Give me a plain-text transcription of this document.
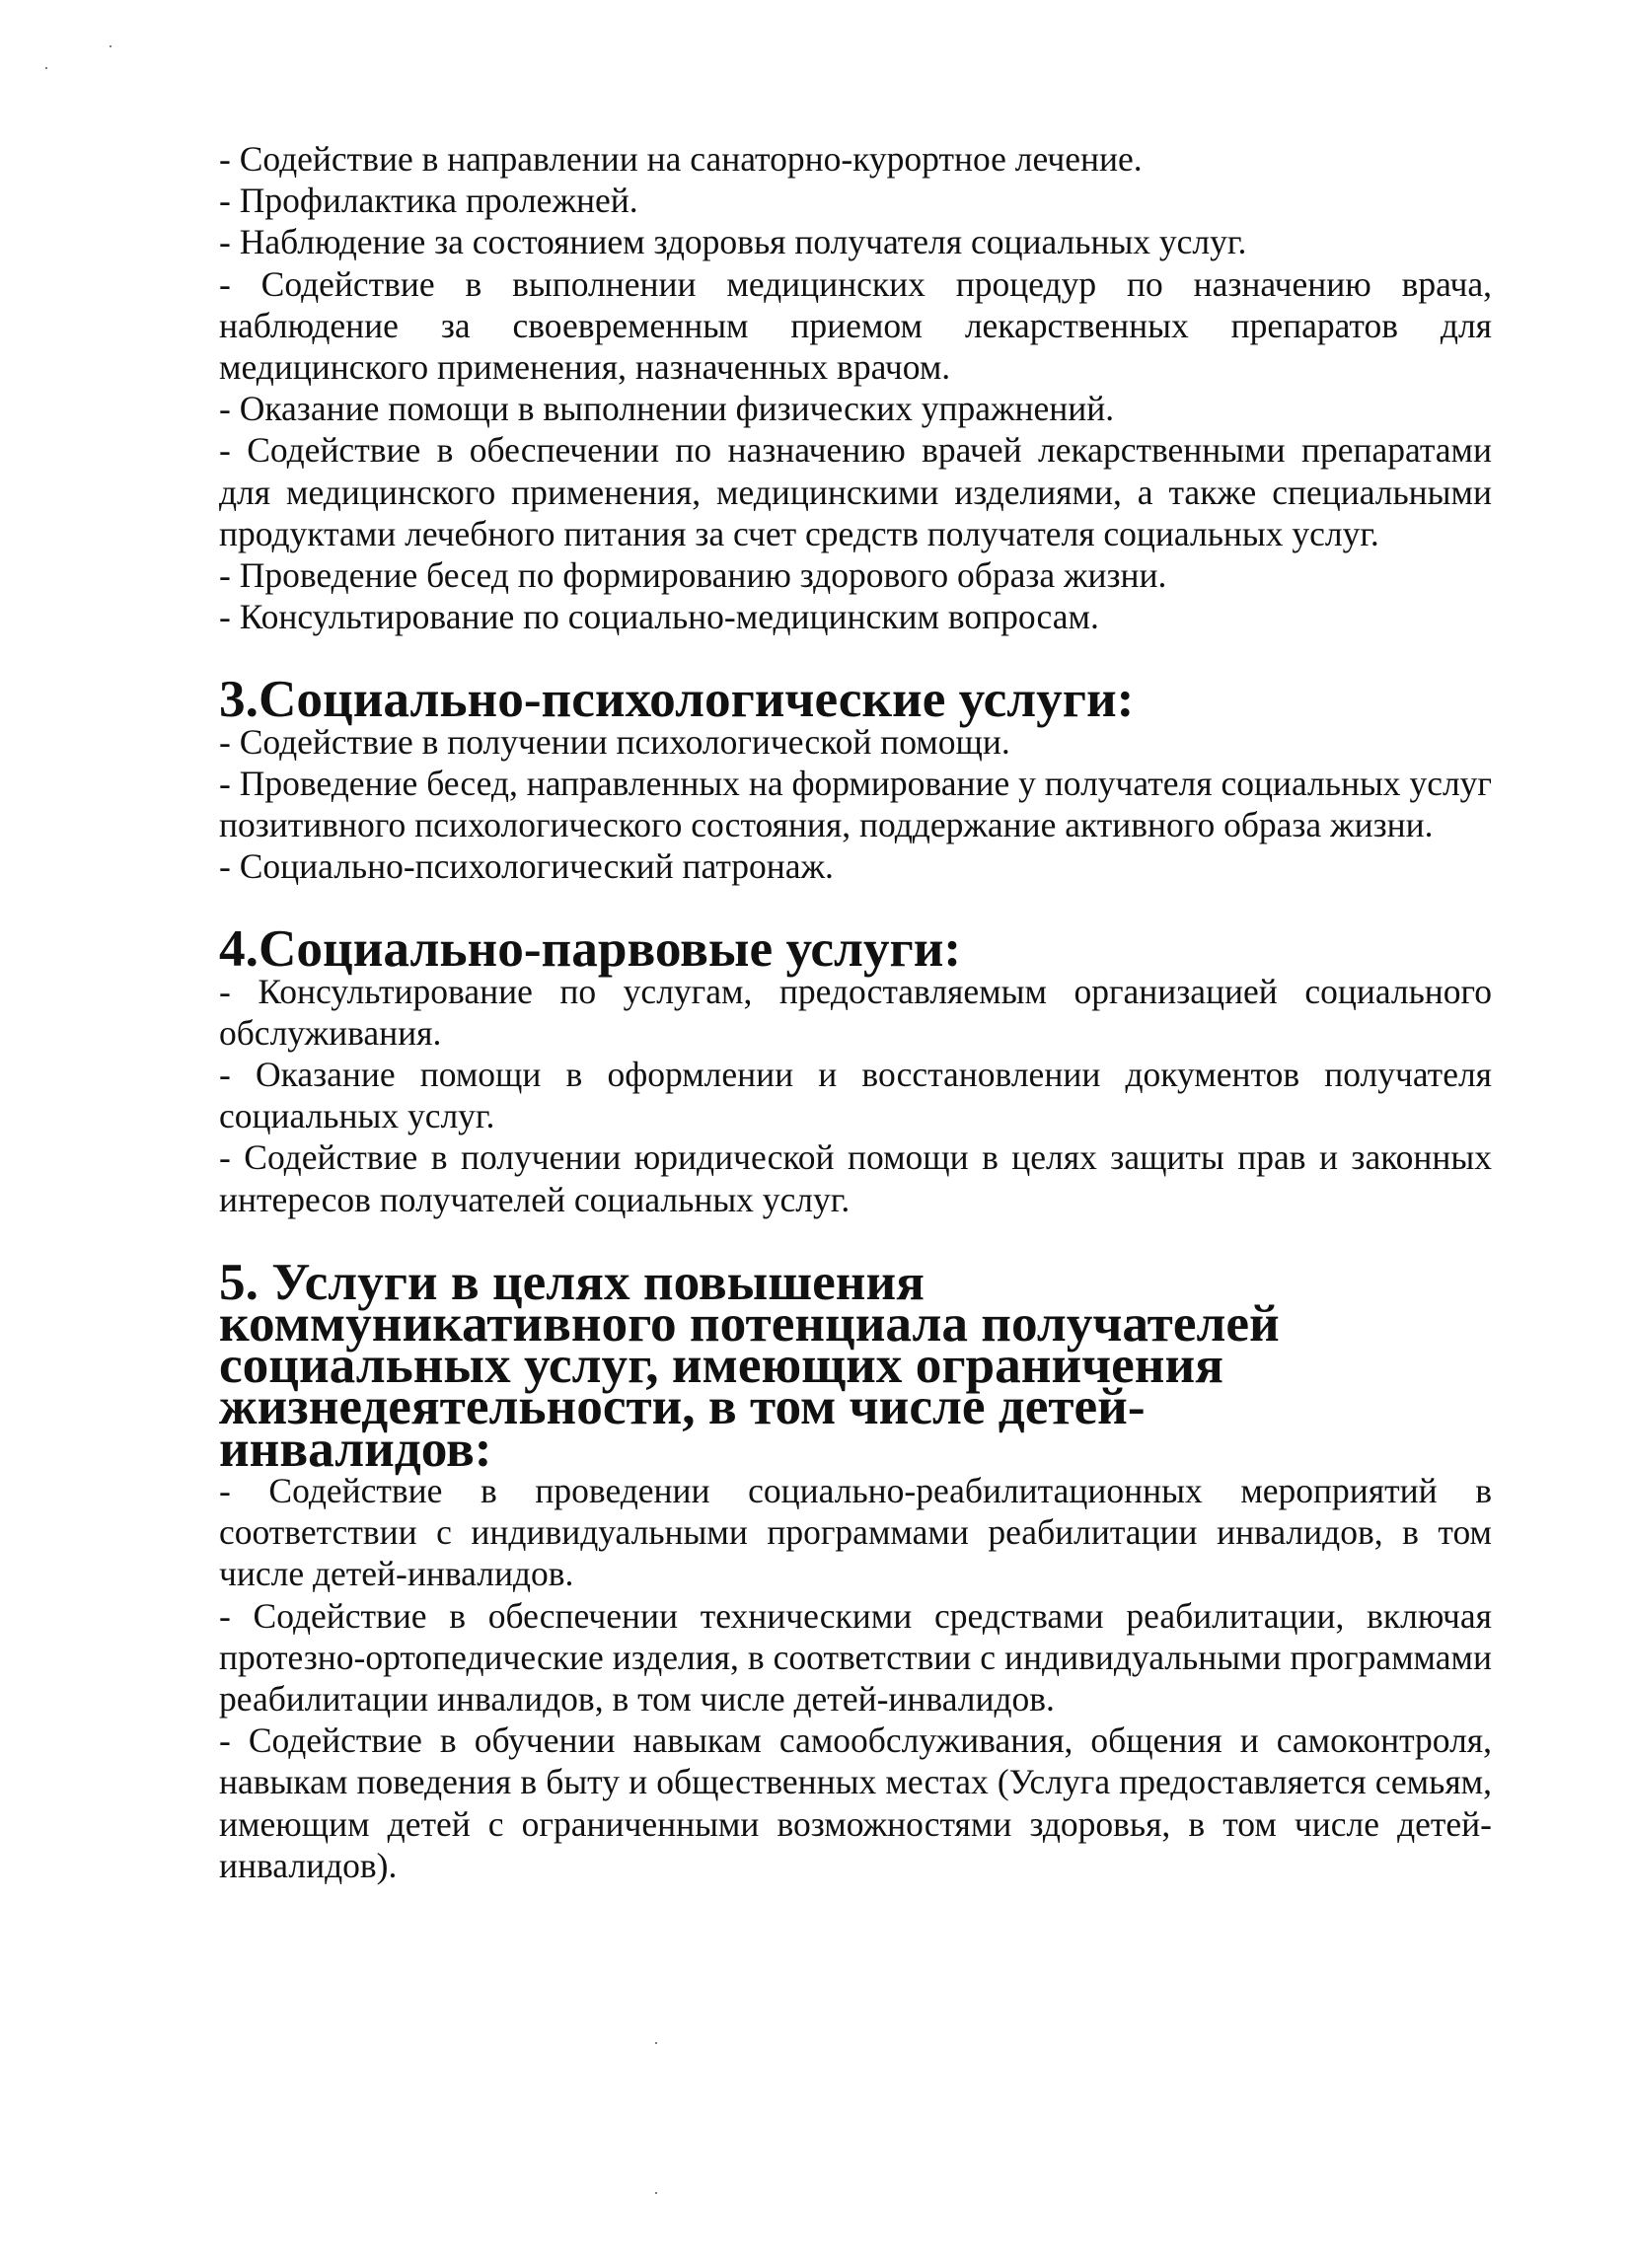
- Содействие в направлении на санаторно-курортное лечение.

- Профилактика пролежней.

- Наблюдение за состоянием здоровья получателя социальных услуг.

- Содействие в выполнении медицинских процедур по назначению врача, наблюдение за своевременным приемом лекарственных препаратов для медицинского применения, назначенных врачом.

- Оказание помощи в выполнении физических упражнений.

- Содействие в обеспечении по назначению врачей лекарственными препаратами для медицинского применения, медицинскими изделиями, а также специальными продуктами лечебного питания за счет средств получателя социальных услуг.

- Проведение бесед по формированию здорового образа жизни.

- Консультирование по социально-медицинским вопросам.

3.Социально-психологические услуги:

- Содействие в получении психологической помощи.

- Проведение бесед, направленных на формирование у получателя социальных услуг позитивного психологического состояния, поддержание активного образа жизни.

- Социально-психологический патронаж.

4.Социально-парвовые услуги:

- Консультирование по услугам, предоставляемым организацией социального обслуживания.

- Оказание помощи в оформлении и восстановлении документов получателя социальных услуг.

- Содействие в получении юридической помощи в целях защиты прав и законных интересов получателей социальных услуг.

5. Услуги в целях повышения коммуникативного потенциала получателей социальных услуг, имеющих ограничения жизнедеятельности, в том числе детей-инвалидов:

- Содействие в проведении социально-реабилитационных мероприятий в соответствии с индивидуальными программами реабилитации инвалидов, в том числе детей-инвалидов.

- Содействие в обеспечении техническими средствами реабилитации, включая протезно-ортопедические изделия, в соответствии с индивидуальными программами реабилитации инвалидов, в том числе детей-инвалидов.

- Содействие в обучении навыкам самообслуживания, общения и самоконтроля, навыкам поведения в быту и общественных местах (Услуга предоставляется семьям, имеющим детей с ограниченными возможностями здоровья, в том числе детей-инвалидов).
